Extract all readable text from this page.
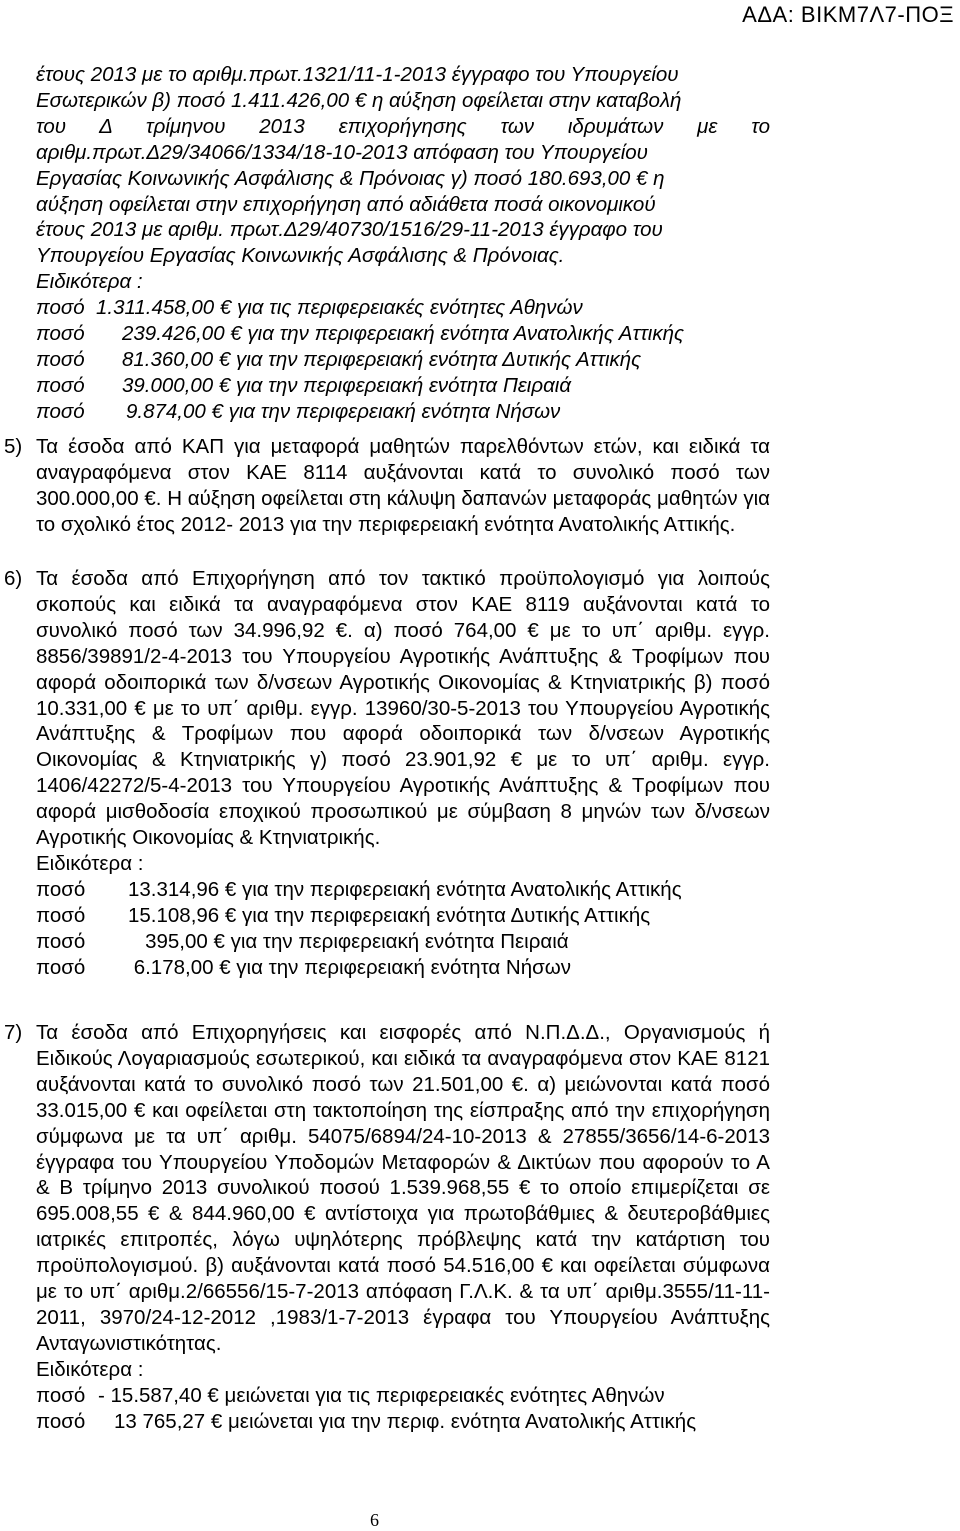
ΑΔΑ: ΒΙΚΜ7Λ7-ΠΟΞ

έτους 2013 με το αριθμ.πρωτ.1321/11-1-2013 έγγραφο του Υπουργείου

Εσωτερικών β) ποσό 1.411.426,00 € η αύξηση οφείλεται στην καταβολή

του Δ τρίμηνου 2013 επιχορήγησης των ιδρυμάτων με το

αριθμ.πρωτ.Δ29/34066/1334/18-10-2013 απόφαση του Υπουργείου

Εργασίας Κοινωνικής Ασφάλισης & Πρόνοιας γ) ποσό 180.693,00 € η

αύξηση οφείλεται στην επιχορήγηση από αδιάθετα ποσά οικονομικού

έτους 2013 με αριθμ. πρωτ.Δ29/40730/1516/29-11-2013 έγγραφο του

Υπουργείου Εργασίας Κοινωνικής Ασφάλισης & Πρόνοιας.

Ειδικότερα :

ποσό 1.311.458,00 € για τις περιφερειακές ενότητες Αθηνών
ποσό	239.426,00 € για την περιφερειακή ενότητα Ανατολικής Αττικής
ποσό	81.360,00 € για την περιφερειακή ενότητα Δυτικής Αττικής
ποσό	39.000,00 € για την περιφερειακή ενότητα Πειραιά
ποσό	9.874,00 € για την περιφερειακή ενότητα Νήσων
5) Τα έσοδα από ΚΑΠ για μεταφορά μαθητών παρελθόντων ετών, και ειδικά τα αναγραφόμενα στον ΚΑΕ 8114 αυξάνονται κατά το συνολικό ποσό των 300.000,00 €. Η αύξηση οφείλεται στη κάλυψη δαπανών μεταφοράς μαθητών για το σχολικό έτος 2012- 2013 για την περιφερειακή ενότητα Ανατολικής Αττικής.

6) Τα έσοδα από Επιχορήγηση από τον τακτικό προϋπολογισμό για λοιπούς σκοπούς και ειδικά τα αναγραφόμενα στον ΚΑΕ 8119 αυξάνονται κατά το συνολικό ποσό των 34.996,92 €. α) ποσό 764,00 € με το υπ΄ αριθμ. εγγρ. 8856/39891/2-4-2013 του Υπουργείου Αγροτικής Ανάπτυξης & Τροφίμων που αφορά οδοιπορικά των δ/νσεων Αγροτικής Οικονομίας & Κτηνιατρικής β) ποσό 10.331,00 € με το υπ΄ αριθμ. εγγρ. 13960/30-5-2013 του Υπουργείου Αγροτικής Ανάπτυξης & Τροφίμων που αφορά οδοιπορικά των δ/νσεων Αγροτικής Οικονομίας & Κτηνιατρικής γ) ποσό 23.901,92 € με το υπ΄ αριθμ. εγγρ. 1406/42272/5-4-2013 του Υπουργείου Αγροτικής Ανάπτυξης & Τροφίμων που αφορά μισθοδοσία εποχικού προσωπικού με σύμβαση 8 μηνών των δ/νσεων Αγροτικής Οικονομίας & Κτηνιατρικής.

Ειδικότερα :

ποσό	13.314,96 € για την περιφερειακή ενότητα Ανατολικής Αττικής
ποσό	15.108,96 € για την περιφερειακή ενότητα Δυτικής Αττικής
ποσό	395,00 € για την περιφερειακή ενότητα Πειραιά
ποσό	6.178,00 € για την περιφερειακή ενότητα Νήσων
7) Τα έσοδα από Επιχορηγήσεις και εισφορές από Ν.Π.Δ.Δ., Οργανισμούς ή Ειδικούς Λογαριασμούς εσωτερικού, και ειδικά τα αναγραφόμενα στον ΚΑΕ 8121 αυξάνονται κατά το συνολικό ποσό των 21.501,00 €. α) μειώνονται κατά ποσό 33.015,00 € και οφείλεται στη τακτοποίηση της είσπραξης από την επιχορήγηση σύμφωνα με τα υπ΄ αριθμ. 54075/6894/24-10-2013 & 27855/3656/14-6-2013 έγγραφα του Υπουργείου Υποδομών Μεταφορών & Δικτύων που αφορούν το Α & Β τρίμηνο 2013 συνολικού ποσού 1.539.968,55 € το οποίο επιμερίζεται σε 695.008,55 € & 844.960,00 € αντίστοιχα για πρωτοβάθμιες & δευτεροβάθμιες ιατρικές επιτροπές, λόγω υψηλότερης πρόβλεψης κατά την κατάρτιση του προϋπολογισμού. β) αυξάνονται κατά ποσό 54.516,00 € και οφείλεται σύμφωνα με το υπ΄ αριθμ.2/66556/15-7-2013 απόφαση Γ.Λ.Κ. & τα υπ΄ αριθμ.3555/11-11-2011, 3970/24-12-2012 ,1983/1-7-2013 έγραφα του Υπουργείου Ανάπτυξης Ανταγωνιστικότητας.

Ειδικότερα :

ποσό - 15.587,40 € μειώνεται για τις περιφερειακές ενότητες Αθηνών
ποσό	13 765,27 € μειώνεται για την περιφ. ενότητα Ανατολικής Αττικής
6
